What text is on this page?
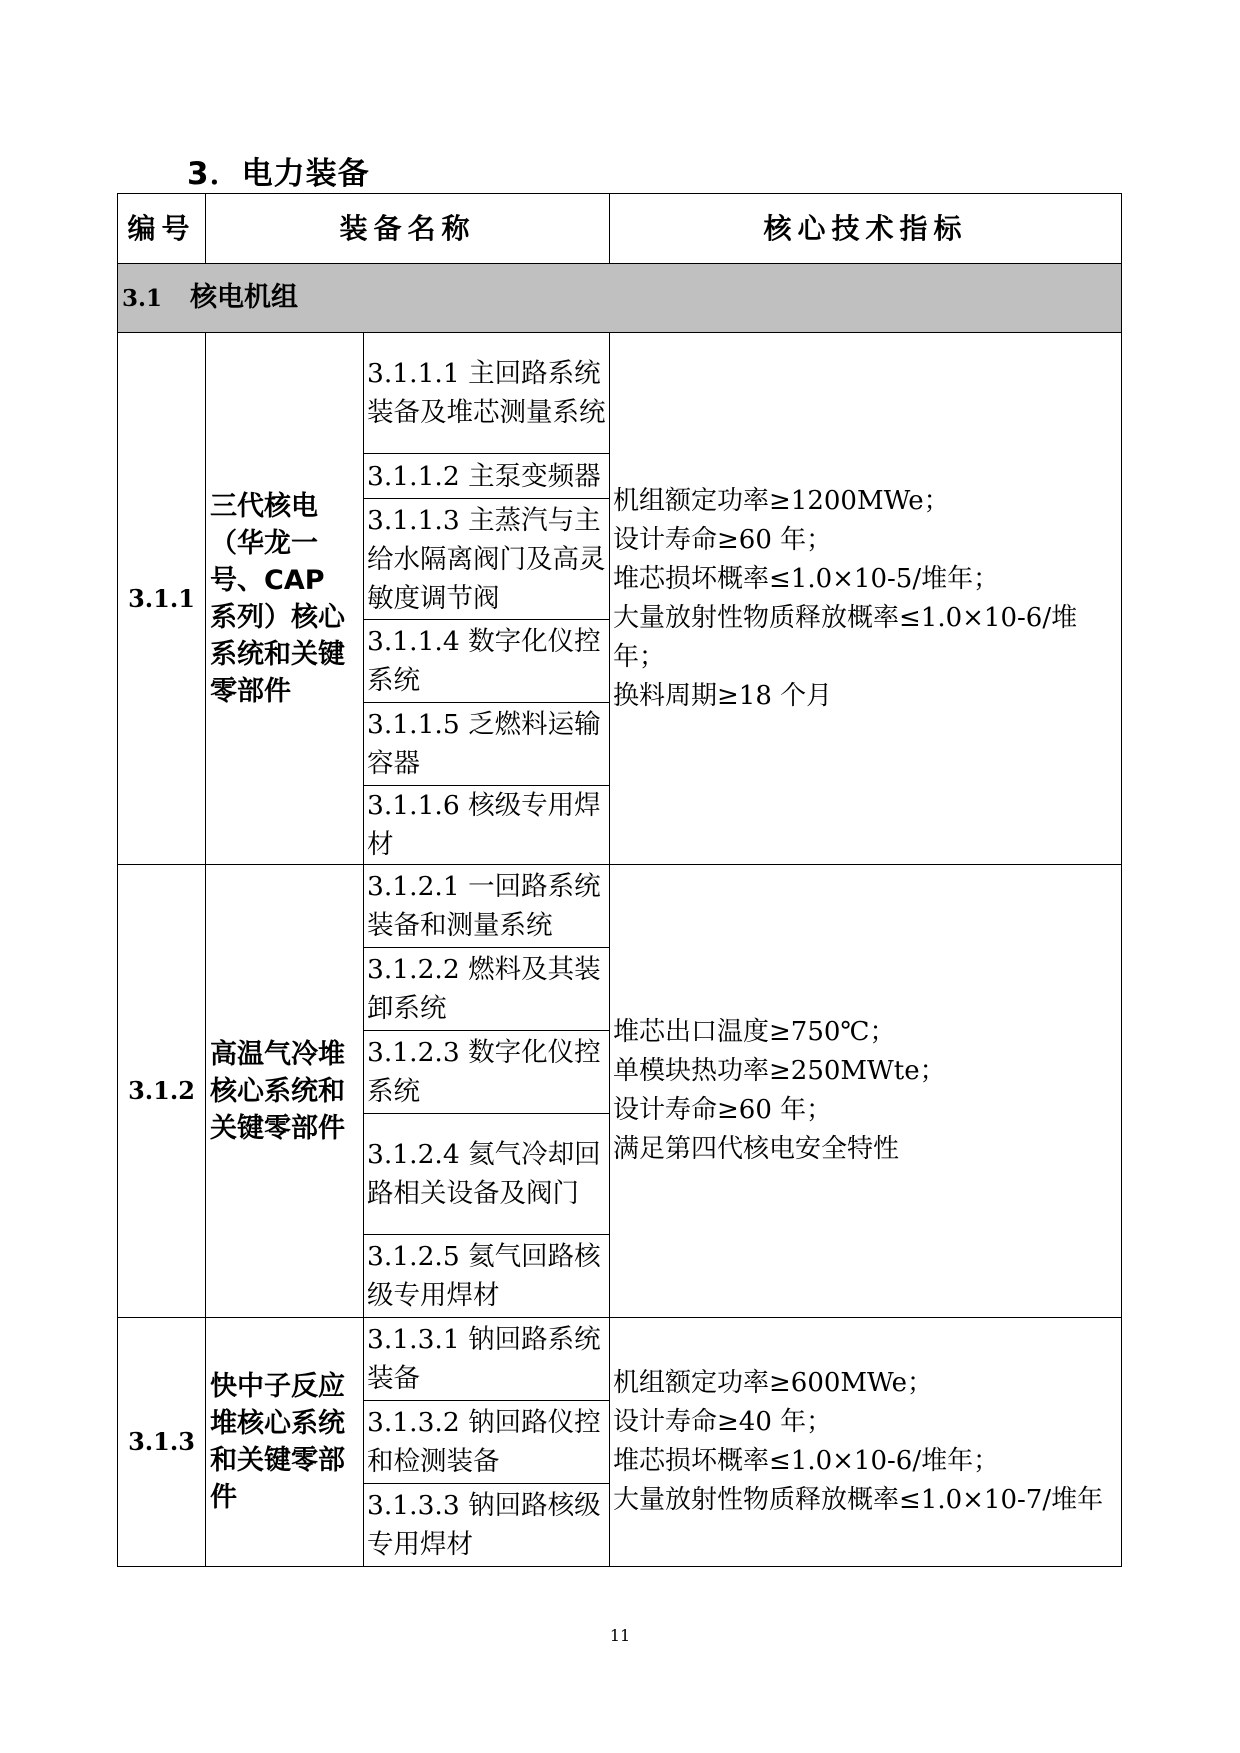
3．电力装备
编号	装备名称		核心技术指标
3.1 核电机组			
3.1.1	三代核电（华龙一号、CAP 系列）核心系统和关键零部件	3.1.1.1 主回路系统装备及堆芯测量系统	机组额定功率≥1200MWe；
设计寿命≥60 年；
堆芯损坏概率≤1.0×10-5/堆年；
大量放射性物质释放概率≤1.0×10-6/堆年；
换料周期≥18 个月
		3.1.1.2 主泵变频器	
		3.1.1.3 主蒸汽与主给水隔离阀门及高灵敏度调节阀	
		3.1.1.4 数字化仪控系统	
		3.1.1.5 乏燃料运输容器	
		3.1.1.6 核级专用焊材	
3.1.2	高温气冷堆核心系统和关键零部件	3.1.2.1 一回路系统装备和测量系统	堆芯出口温度≥750℃；
单模块热功率≥250MWte；
设计寿命≥60 年；
满足第四代核电安全特性
		3.1.2.2 燃料及其装卸系统	
		3.1.2.3 数字化仪控系统	
		3.1.2.4 氦气冷却回路相关设备及阀门	
		3.1.2.5 氦气回路核级专用焊材	
3.1.3	快中子反应堆核心系统和关键零部件	3.1.3.1 钠回路系统装备	机组额定功率≥600MWe；
设计寿命≥40 年；
堆芯损坏概率≤1.0×10-6/堆年；
大量放射性物质释放概率≤1.0×10-7/堆年
		3.1.3.2 钠回路仪控和检测装备	
		3.1.3.3 钠回路核级专用焊材	
11
